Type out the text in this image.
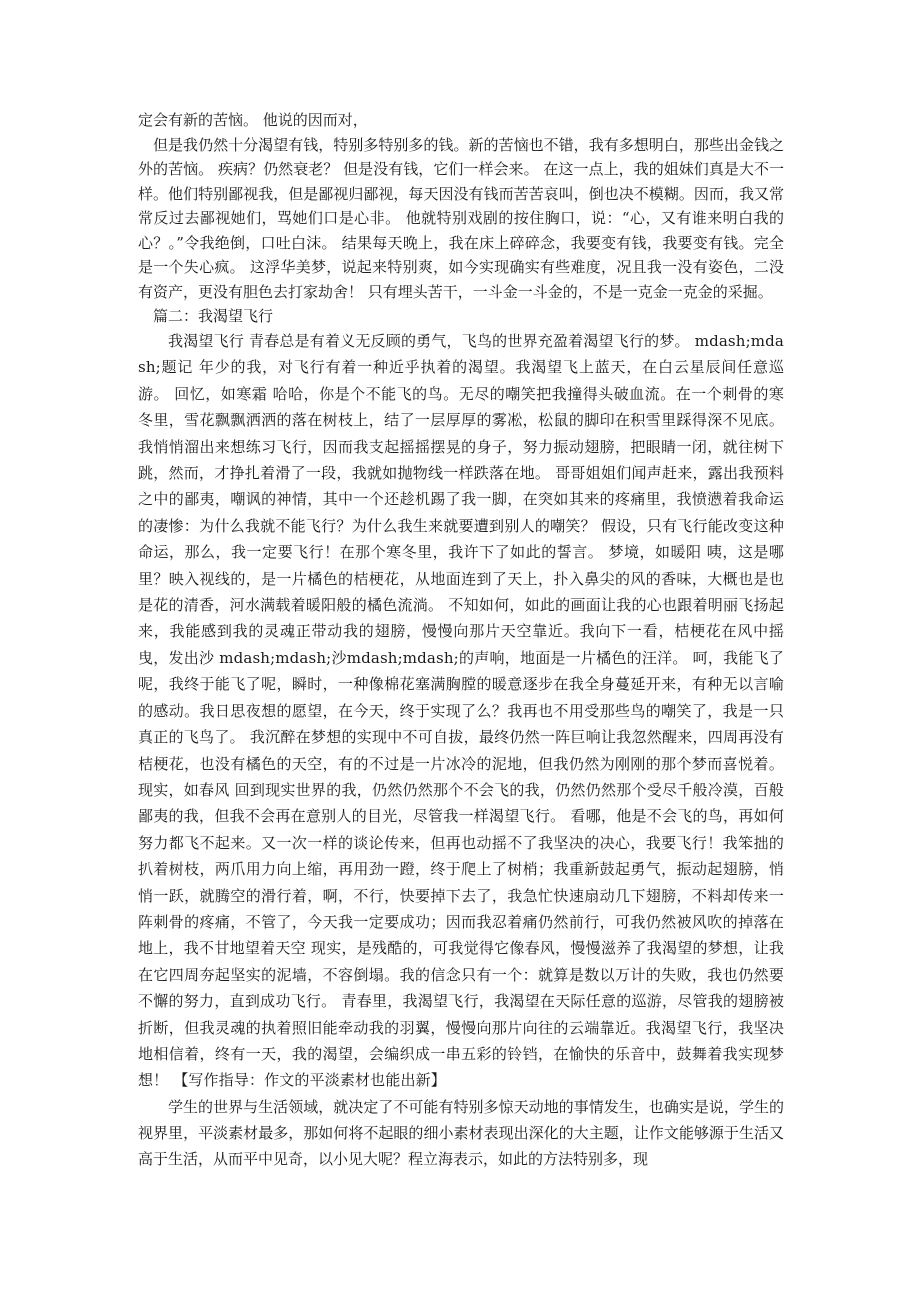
定会有新的苦恼。 他说的因而对，

但是我仍然十分渴望有钱，特别多特别多的钱。新的苦恼也不错，我有多想明白，那些出金钱之外的苦恼。 疾病？仍然衰老？ 但是没有钱，它们一样会来。 在这一点上，我的姐妹们真是大不一样。他们特别鄙视我，但是鄙视归鄙视，每天因没有钱而苦苦哀叫，倒也决不模糊。因而，我又常常反过去鄙视她们，骂她们口是心非。 他就特别戏剧的按住胸口，说：“心，又有谁来明白我的心？。”令我绝倒，口吐白沫。 结果每天晚上，我在床上碎碎念，我要变有钱，我要变有钱。完全是一个失心疯。 这浮华美梦，说起来特别爽，如今实现确实有些难度，况且我一没有姿色，二没有资产，更没有胆色去打家劫舍！ 只有埋头苦干，一斗金一斗金的，不是一克金一克金的采掘。

篇二：我渴望飞行

我渴望飞行 青春总是有着义无反顾的勇气，飞鸟的世界充盈着渴望飞行的梦。 mdash;mdash;题记 年少的我，对飞行有着一种近乎执着的渴望。我渴望飞上蓝天，在白云星辰间任意巡游。 回忆，如寒霜 哈哈，你是个不能飞的鸟。无尽的嘲笑把我撞得头破血流。在一个刺骨的寒冬里，雪花飘飘洒洒的落在树枝上，结了一层厚厚的雾凇，松鼠的脚印在积雪里踩得深不见底。我悄悄溜出来想练习飞行，因而我支起摇摇摆晃的身子，努力振动翅膀，把眼睛一闭，就往树下跳，然而，才挣扎着滑了一段，我就如抛物线一样跌落在地。 哥哥姐姐们闻声赶来，露出我预料之中的鄙夷，嘲讽的神情，其中一个还趁机踢了我一脚，在突如其来的疼痛里，我愤懑着我命运的凄惨：为什么我就不能飞行？为什么我生来就要遭到别人的嘲笑？ 假设，只有飞行能改变这种命运，那么，我一定要飞行！在那个寒冬里，我许下了如此的誓言。 梦境，如暖阳 咦，这是哪里？映入视线的，是一片橘色的桔梗花，从地面连到了天上，扑入鼻尖的风的香味，大概也是也是花的清香，河水满载着暖阳般的橘色流淌。 不知如何，如此的画面让我的心也跟着明丽飞扬起来，我能感到我的灵魂正带动我的翅膀，慢慢向那片天空靠近。我向下一看，桔梗花在风中摇曳，发出沙 mdash;mdash;沙mdash;mdash;的声响，地面是一片橘色的汪洋。 呵，我能飞了呢，我终于能飞了呢，瞬时，一种像棉花塞满胸膛的暖意逐步在我全身蔓延开来，有种无以言喻的感动。我日思夜想的愿望，在今天，终于实现了么？我再也不用受那些鸟的嘲笑了，我是一只真正的飞鸟了。 我沉醉在梦想的实现中不可自拔，最终仍然一阵巨响让我忽然醒来，四周再没有桔梗花，也没有橘色的天空，有的不过是一片冰冷的泥地，但我仍然为刚刚的那个梦而喜悦着。 现实，如春风 回到现实世界的我，仍然仍然那个不会飞的我，仍然仍然那个受尽千般冷漠，百般鄙夷的我，但我不会再在意别人的目光，尽管我一样渴望飞行。 看哪，他是不会飞的鸟，再如何努力都飞不起来。又一次一样的谈论传来，但再也动摇不了我坚决的决心，我要飞行！我笨拙的扒着树枝，两爪用力向上缩，再用劲一蹬，终于爬上了树梢；我重新鼓起勇气，振动起翅膀，悄悄一跃，就腾空的滑行着，啊，不行，快要掉下去了，我急忙快速扇动几下翅膀，不料却传来一阵刺骨的疼痛，不管了，今天我一定要成功；因而我忍着痛仍然前行，可我仍然被风吹的掉落在地上，我不甘地望着天空 现实，是残酷的，可我觉得它像春风，慢慢滋养了我渴望的梦想，让我在它四周夯起坚实的泥墙，不容倒塌。我的信念只有一个：就算是数以万计的失败，我也仍然要不懈的努力，直到成功飞行。 青春里，我渴望飞行，我渴望在天际任意的巡游，尽管我的翅膀被折断，但我灵魂的执着照旧能牵动我的羽翼，慢慢向那片向往的云端靠近。我渴望飞行，我坚决地相信着，终有一天，我的渴望，会编织成一串五彩的铃铛，在愉快的乐音中，鼓舞着我实现梦想！ 【写作指导：作文的平淡素材也能出新】

学生的世界与生活领域，就决定了不可能有特别多惊天动地的事情发生，也确实是说，学生的视界里，平淡素材最多，那如何将不起眼的细小素材表现出深化的大主题，让作文能够源于生活又高于生活，从而平中见奇，以小见大呢？程立海表示，如此的方法特别多，现
